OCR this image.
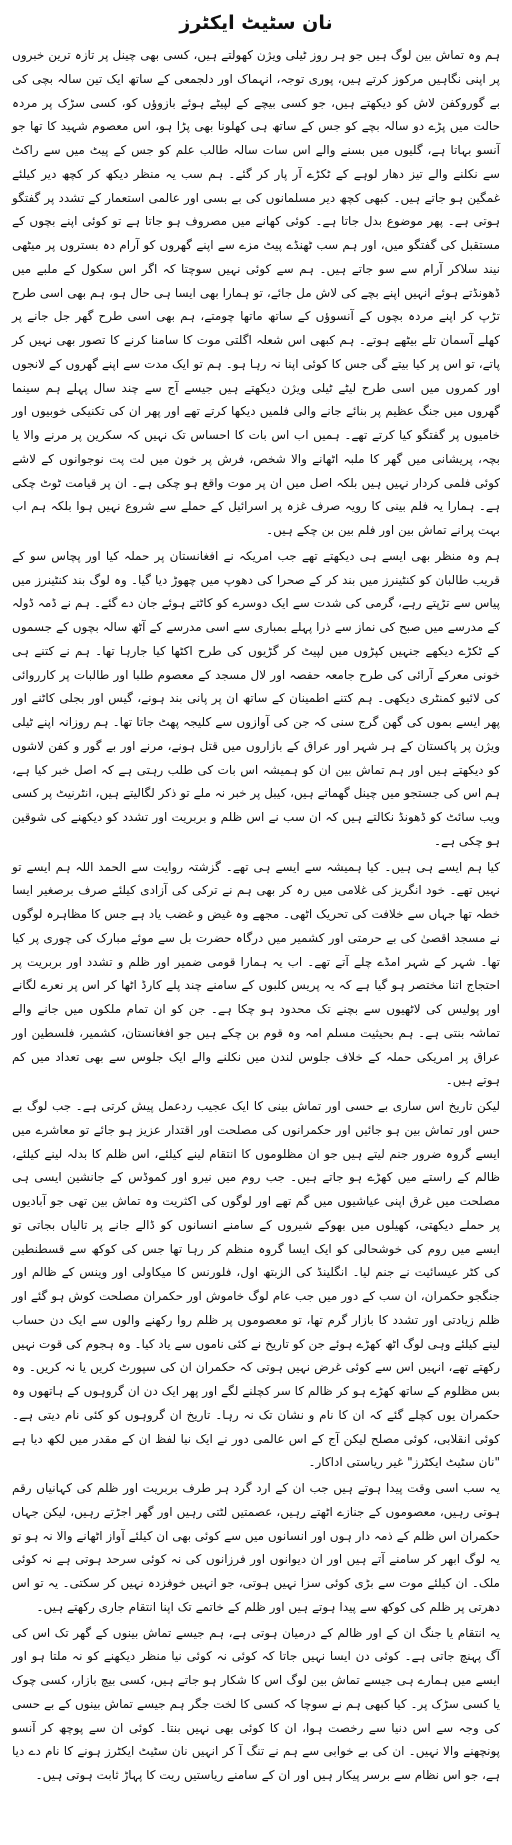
نان سٹیٹ ایکٹرز

ہم وہ تماش بین لوگ ہیں جو ہر روز ٹیلی ویژن کھولتے ہیں، کسی بھی چینل پر تازہ ترین خبروں پر اپنی نگاہیں مرکوز کرتے ہیں، پوری توجہ، انہماک اور دلجمعی کے ساتھ ایک تین سالہ بچی کی بے گوروکفن لاش کو دیکھتے ہیں، جو کسی بیچے کے لپیٹے ہوئے بازوؤں کو، کسی سڑک پر مردہ حالت میں پڑے دو سالہ بچے کو جس کے ساتھ ہی کھلونا بھی پڑا ہو، اس معصوم شہید کا تھا جو آنسو بہاتا ہے، گلیوں میں بسنے والے اس سات سالہ طالب علم کو جس کے پیٹ میں سے راکٹ سے نکلنے والے تیز دھار لوہے کے ٹکڑے آر پار کر گئے۔ ہم سب یہ منظر دیکھ کر کچھ دیر کیلئے غمگین ہو جاتے ہیں۔ کبھی کچھ دیر مسلمانوں کی بے بسی اور عالمی استعمار کے تشدد پر گفتگو ہوتی ہے۔ پھر موضوع بدل جاتا ہے۔ کوئی کھانے میں مصروف ہو جاتا ہے تو کوئی اپنے بچوں کے مستقبل کی گفتگو میں، اور ہم سب ٹھنڈے پیٹ مزے سے اپنے گھروں کو آرام دہ بستروں پر میٹھی نیند سلاکر آرام سے سو جاتے ہیں۔ ہم سے کوئی نہیں سوچتا کہ اگر اس سکول کے ملبے میں ڈھونڈتے ہوئے انہیں اپنے بچے کی لاش مل جائے، تو ہمارا بھی ایسا ہی حال ہو، ہم بھی اسی طرح تڑپ کر اپنے مردہ بچوں کے آنسوؤں کے ساتھ ماتھا چومتے، ہم بھی اسی طرح گھر جل جانے پر کھلے آسمان تلے بیٹھے ہوتے۔ ہم کبھی اس شعلہ اگلتی موت کا سامنا کرنے کا تصور بھی نہیں کر پاتے، تو اس پر کیا بیتے گی جس کا کوئی اپنا نہ رہا ہو۔ ہم تو ایک مدت سے اپنے گھروں کے لانجوں اور کمروں میں اسی طرح لیٹے ٹیلی ویژن دیکھتے ہیں جیسے آج سے چند سال پہلے ہم سینما گھروں میں جنگ عظیم پر بنائے جانے والی فلمیں دیکھا کرتے تھے اور پھر ان کی تکنیکی خوبیوں اور خامیوں پر گفتگو کیا کرتے تھے۔ ہمیں اب اس بات کا احساس تک نہیں کہ سکرین پر مرنے والا یا بچہ، پریشانی میں گھر کا ملبہ اٹھانے والا شخص، فرش پر خون میں لت پت نوجوانوں کے لاشے کوئی فلمی کردار نہیں ہیں بلکہ اصل میں ان پر موت واقع ہو چکی ہے۔ ان پر قیامت ٹوٹ چکی ہے۔ ہمارا یہ فلم بینی کا رویہ صرف غزہ پر اسرائیل کے حملے سے شروع نہیں ہوا بلکہ ہم اب بہت پرانے تماش بین اور فلم بین بن چکے ہیں۔

ہم وہ منظر بھی ایسے ہی دیکھتے تھے جب امریکہ نے افغانستان پر حملہ کیا اور پچاس سو کے قریب طالبان کو کنٹینرز میں بند کر کے صحرا کی دھوپ میں چھوڑ دیا گیا۔ وہ لوگ بند کنٹینرز میں پیاس سے تڑپتے رہے، گرمی کی شدت سے ایک دوسرے کو کاٹتے ہوئے جان دے گئے۔ ہم نے ڈمہ ڈولہ کے مدرسے میں صبح کی نماز سے ذرا پہلے بمباری سے اسی مدرسے کے آٹھ سالہ بچوں کے جسموں کے ٹکڑے دیکھے جنہیں کپڑوں میں لپیٹ کر گڑیوں کی طرح اکٹھا کیا جارہا تھا۔ ہم نے کتنے ہی خونی معرکے آرائی کی طرح جامعہ حفصہ اور لال مسجد کے معصوم طلبا اور طالبات پر کارروائی کی لائیو کمنٹری دیکھی۔ ہم کتنے اطمینان کے ساتھ ان پر پانی بند ہونے، گیس اور بجلی کاٹنے اور پھر ایسے بموں کی گھن گرج سنی کہ جن کی آوازوں سے کلیجہ پھٹ جاتا تھا۔ ہم روزانہ اپنے ٹیلی ویژن پر پاکستان کے ہر شہر اور عراق کے بازاروں میں قتل ہونے، مرنے اور بے گور و کفن لاشوں کو دیکھتے ہیں اور ہم تماش بین ان کو ہمیشہ اس بات کی طلب رہتی ہے کہ اصل خبر کیا ہے، ہم اس کی جستجو میں چینل گھماتے ہیں، کیبل پر خبر نہ ملے تو ذکر لگالیتے ہیں، انٹرنیٹ پر کسی ویب سائٹ کو ڈھونڈ نکالتے ہیں کہ ان سب نے اس ظلم و بربریت اور تشدد کو دیکھنے کی شوقین ہو چکی ہے۔

کیا ہم ایسے ہی ہیں۔ کیا ہمیشہ سے ایسے ہی تھے۔ گزشتہ روایت سے الحمد اللہ ہم ایسے تو نہیں تھے۔ خود انگریز کی غلامی میں رہ کر بھی ہم نے ترکی کی آزادی کیلئے صرف برصغیر ایسا خطہ تھا جہاں سے خلافت کی تحریک اٹھی۔ مجھے وہ غیض و غضب یاد ہے جس کا مظاہرہ لوگوں نے مسجد اقصیٰ کی بے حرمتی اور کشمیر میں درگاہ حضرت بل سے موئے مبارک کی چوری پر کیا تھا۔ شہر کے شہر امڈے چلے آتے تھے۔ اب یہ ہمارا قومی ضمیر اور ظلم و تشدد اور بربریت پر احتجاج اتنا مختصر ہو گیا ہے کہ یہ پریس کلبوں کے سامنے چند پلے کارڈ اٹھا کر اس پر نعرے لگانے اور پولیس کی لاٹھیوں سے بچنے تک محدود ہو چکا ہے۔ جن کو ان تمام ملکوں میں جانے والے تماشہ بنتی ہے۔ ہم بحیثیت مسلم امہ وہ قوم بن چکے ہیں جو افغانستان، کشمیر، فلسطین اور عراق پر امریکی حملہ کے خلاف جلوس لندن میں نکلنے والے ایک جلوس سے بھی تعداد میں کم ہوتے ہیں۔

لیکن تاریخ اس ساری بے حسی اور تماش بینی کا ایک عجیب ردعمل پیش کرتی ہے۔ جب لوگ بے حس اور تماش بین ہو جائیں اور حکمرانوں کی مصلحت اور اقتدار عزیز ہو جائے تو معاشرے میں ایسے گروہ ضرور جنم لیتے ہیں جو ان مظلوموں کا انتقام لینے کیلئے، اس ظلم کا بدلہ لینے کیلئے، ظالم کے راستے میں کھڑے ہو جاتے ہیں۔ جب روم میں نیرو اور کموڈس کے جانشین ایسی ہی مصلحت میں غرق اپنی عیاشیوں میں گم تھے اور لوگوں کی اکثریت وہ تماش بین تھی جو آبادیوں پر حملے دیکھتی، کھیلوں میں بھوکے شیروں کے سامنے انسانوں کو ڈالے جانے پر تالیاں بجاتی تو ایسے میں روم کی خوشحالی کو ایک ایسا گروہ منظم کر رہا تھا جس کی کوکھ سے قسطنطین کی کٹر عیسائیت نے جنم لیا۔ انگلینڈ کی الزبتھ اول، فلورنس کا میکاولی اور وینس کے ظالم اور جنگجو حکمران، ان سب کے دور میں جب عام لوگ خاموش اور حکمران مصلحت کوش ہو گئے اور ظلم زیادتی اور تشدد کا بازار گرم تھا، تو معصوموں پر ظلم روا رکھنے والوں سے ایک دن حساب لینے کیلئے وہی لوگ اٹھ کھڑے ہوئے جن کو تاریخ نے کئی ناموں سے یاد کیا۔ وہ ہجوم کی قوت نہیں رکھتے تھے، انہیں اس سے کوئی غرض نہیں ہوتی کہ حکمران ان کی سپورٹ کریں یا نہ کریں۔ وہ بس مظلوم کے ساتھ کھڑے ہو کر ظالم کا سر کچلنے لگے اور پھر ایک دن ان گروہوں کے ہاتھوں وہ حکمران یوں کچلے گئے کہ ان کا نام و نشان تک نہ رہا۔ تاریخ ان گروہوں کو کئی نام دیتی ہے۔ کوئی انقلابی، کوئی مصلح لیکن آج کے اس عالمی دور نے ایک نیا لفظ ان کے مقدر میں لکھ دیا ہے "نان سٹیٹ ایکٹرز" غیر ریاستی اداکار۔

یہ سب اسی وقت پیدا ہوتے ہیں جب ان کے ارد گرد ہر طرف بربریت اور ظلم کی کہانیاں رقم ہوتی رہیں، معصوموں کے جنازے اٹھتے رہیں، عصمتیں لٹتی رہیں اور گھر اجڑتے رہیں، لیکن جہاں حکمران اس ظلم کے ذمہ دار ہوں اور انسانوں میں سے کوئی بھی ان کیلئے آواز اٹھانے والا نہ ہو تو یہ لوگ ابھر کر سامنے آتے ہیں اور ان دیوانوں اور فرزانوں کی نہ کوئی سرحد ہوتی ہے نہ کوئی ملک۔ ان کیلئے موت سے بڑی کوئی سزا نہیں ہوتی، جو انہیں خوفزدہ نہیں کر سکتی۔ یہ تو اس دھرتی پر ظلم کی کوکھ سے پیدا ہوتے ہیں اور ظلم کے خاتمے تک اپنا انتقام جاری رکھتے ہیں۔

یہ انتقام یا جنگ ان کے اور ظالم کے درمیان ہوتی ہے، ہم جیسے تماش بینوں کے گھر تک اس کی آگ پہنچ جاتی ہے۔ کوئی دن ایسا نہیں جاتا کہ کوئی نہ کوئی نیا منظر دیکھنے کو نہ ملتا ہو اور ایسے میں ہمارے ہی جیسے تماش بین لوگ اس کا شکار ہو جاتے ہیں، کسی بیچ بازار، کسی چوک یا کسی سڑک پر۔ کیا کبھی ہم نے سوچا کہ کسی کا لخت جگر ہم جیسے تماش بینوں کے بے حسی کی وجہ سے اس دنیا سے رخصت ہوا، ان کا کوئی بھی نہیں بنتا۔ کوئی ان سے پوچھ کر آنسو پونچھنے والا نہیں۔ ان کی بے خوابی سے ہم نے تنگ آ کر انہیں نان سٹیٹ ایکٹرز ہونے کا نام دے دیا ہے، جو اس نظام سے برسر پیکار ہیں اور ان کے سامنے ریاستیں ریت کا پہاڑ ثابت ہوتی ہیں۔
